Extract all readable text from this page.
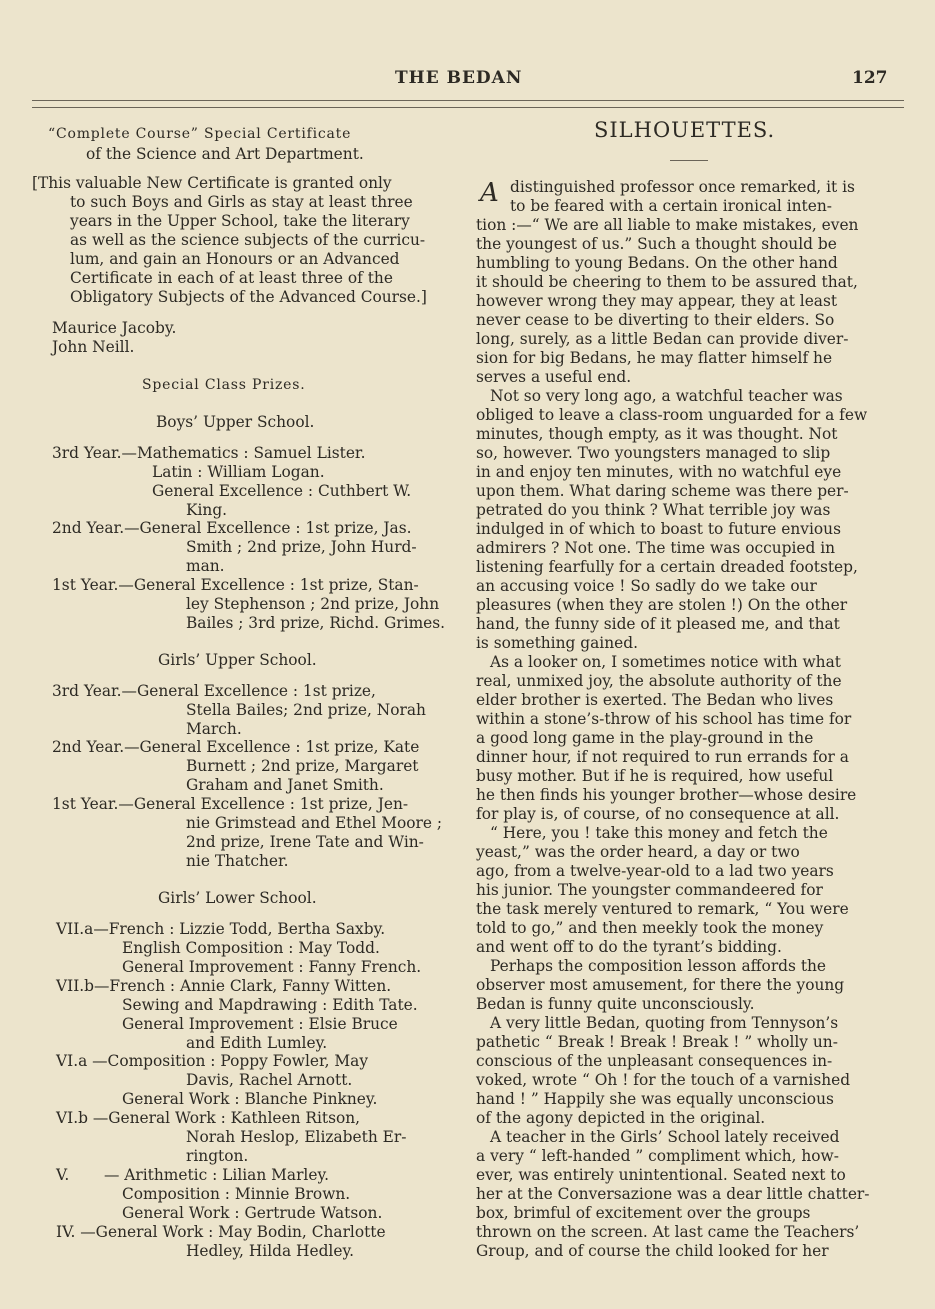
THE BEDAN	127
“Complete Course” Special Certificate
of the Science and Art Department.
[This valuable New Certificate is granted only
to such Boys and Girls as stay at least three
years in the Upper School, take the literary
as well as the science subjects of the curricu-
lum, and gain an Honours or an Advanced
Certificate in each of at least three of the
Obligatory Subjects of the Advanced Course.]
Maurice Jacoby.
John Neill.
Special Class Prizes.
Boys’ Upper School.
3rd Year.—Mathematics : Samuel Lister.
Latin : William Logan.
General Excellence : Cuthbert W.
King.
2nd Year.—General Excellence : 1st prize, Jas.
Smith ; 2nd prize, John Hurd-
man.
1st Year.—General Excellence : 1st prize, Stan-
ley Stephenson ; 2nd prize, John
Bailes ; 3rd prize, Richd. Grimes.
Girls’ Upper School.
3rd Year.—General Excellence : 1st prize,
Stella Bailes; 2nd prize, Norah
March.
2nd Year.—General Excellence : 1st prize, Kate
Burnett ; 2nd prize, Margaret
Graham and Janet Smith.
1st Year.—General Excellence : 1st prize, Jen-
nie Grimstead and Ethel Moore ;
2nd prize, Irene Tate and Win-
nie Thatcher.
Girls’ Lower School.
VII.a—French : Lizzie Todd, Bertha Saxby.
English Composition : May Todd.
General Improvement : Fanny French.
VII.b—French : Annie Clark, Fanny Witten.
Sewing and Mapdrawing : Edith Tate.
General Improvement : Elsie Bruce
and Edith Lumley.
VI.a —Composition : Poppy Fowler, May
Davis, Rachel Arnott.
General Work : Blanche Pinkney.
VI.b —General Work : Kathleen Ritson,
Norah Heslop, Elizabeth Er-
rington.
V. — Arithmetic : Lilian Marley.
Composition : Minnie Brown.
General Work : Gertrude Watson.
IV. —General Work : May Bodin, Charlotte
Hedley, Hilda Hedley.
SILHOUETTES.
A distinguished professor once remarked, it is
to be feared with a certain ironical inten-
tion :—“ We are all liable to make mistakes, even
the youngest of us.” Such a thought should be
humbling to young Bedans. On the other hand
it should be cheering to them to be assured that,
however wrong they may appear, they at least
never cease to be diverting to their elders. So
long, surely, as a little Bedan can provide diver-
sion for big Bedans, he may flatter himself he
serves a useful end.
Not so very long ago, a watchful teacher was
obliged to leave a class-room unguarded for a few
minutes, though empty, as it was thought. Not
so, however. Two youngsters managed to slip
in and enjoy ten minutes, with no watchful eye
upon them. What daring scheme was there per-
petrated do you think ? What terrible joy was
indulged in of which to boast to future envious
admirers ? Not one. The time was occupied in
listening fearfully for a certain dreaded footstep,
an accusing voice ! So sadly do we take our
pleasures (when they are stolen !) On the other
hand, the funny side of it pleased me, and that
is something gained.
As a looker on, I sometimes notice with what
real, unmixed joy, the absolute authority of the
elder brother is exerted. The Bedan who lives
within a stone’s-throw of his school has time for
a good long game in the play-ground in the
dinner hour, if not required to run errands for a
busy mother. But if he is required, how useful
he then finds his younger brother—whose desire
for play is, of course, of no consequence at all.
“ Here, you ! take this money and fetch the
yeast,” was the order heard, a day or two
ago, from a twelve-year-old to a lad two years
his junior. The youngster commandeered for
the task merely ventured to remark, “ You were
told to go,” and then meekly took the money
and went off to do the tyrant’s bidding.
Perhaps the composition lesson affords the
observer most amusement, for there the young
Bedan is funny quite unconsciously.
A very little Bedan, quoting from Tennyson’s
pathetic “ Break ! Break ! Break ! ” wholly un-
conscious of the unpleasant consequences in-
voked, wrote “ Oh ! for the touch of a varnished
hand ! ” Happily she was equally unconscious
of the agony depicted in the original.
A teacher in the Girls’ School lately received
a very “ left-handed ” compliment which, how-
ever, was entirely unintentional. Seated next to
her at the Conversazione was a dear little chatter-
box, brimful of excitement over the groups
thrown on the screen. At last came the Teachers’
Group, and of course the child looked for her
